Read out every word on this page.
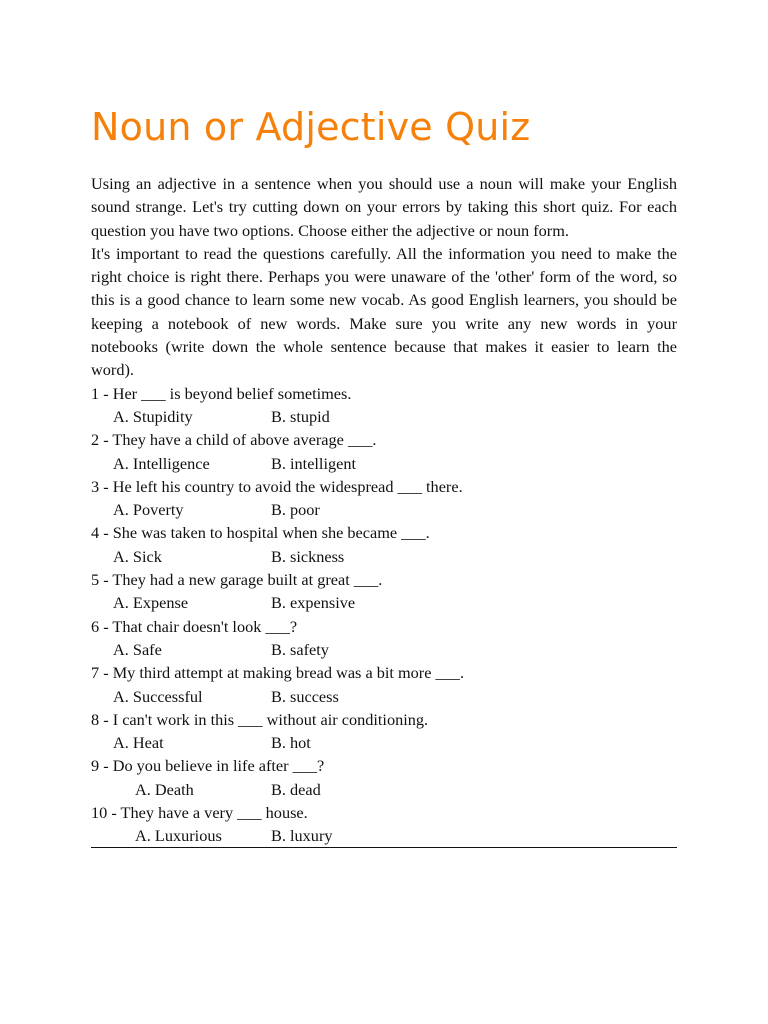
Noun or Adjective Quiz

Using an adjective in a sentence when you should use a noun will make your English sound strange. Let's try cutting down on your errors by taking this short quiz. For each question you have two options. Choose either the adjective or noun form.

It's important to read the questions carefully. All the information you need to make the right choice is right there. Perhaps you were unaware of the 'other' form of the word, so this is a good chance to learn some new vocab. As good English learners, you should be keeping a notebook of new words. Make sure you write any new words in your notebooks (write down the whole sentence because that makes it easier to learn the word).

1 - Her ___ is beyond belief sometimes.

A. Stupidity	B. stupid

2 - They have a child of above average ___.

A. Intelligence	B. intelligent

3 - He left his country to avoid the widespread ___ there.

A. Poverty	B. poor

4 - She was taken to hospital when she became ___.

A. Sick	B. sickness

5 - They had a new garage built at great ___.

A. Expense	B. expensive

6 - That chair doesn't look ___?

A. Safe	B. safety

7 - My third attempt at making bread was a bit more ___.

A. Successful	B. success

8 - I can't work in this ___ without air conditioning.

A. Heat	B. hot

9 - Do you believe in life after ___?

A. Death	B. dead

10 - They have a very ___ house.

A. Luxurious	B. luxury
